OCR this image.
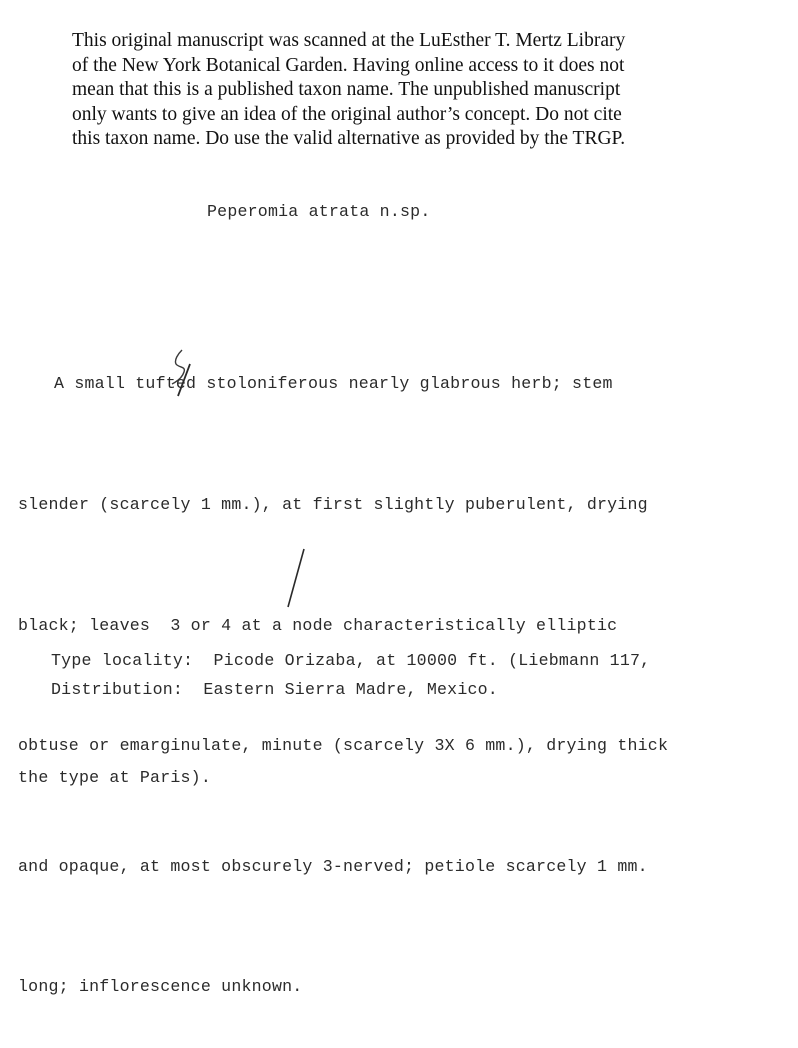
This original manuscript was scanned at the LuEsther T. Mertz Library
of the New York Botanical Garden. Having online access to it does not
mean that this is a published taxon name. The unpublished manuscript
only wants to give an idea of the original author’s concept. Do not cite
this taxon name. Do use the valid alternative as provided by the TRGP.
Peperomia atrata n.sp.

A small tufted stoloniferous nearly glabrous herb; stem

slender (scarcely 1 mm.), at first slightly puberulent, drying

black; leaves  3 or 4 at a node characteristically elliptic

obtuse or emarginulate, minute (scarcely 3X 6 mm.), drying thick

and opaque, at most obscurely 3-nerved; petiole scarcely 1 mm.

long; inflorescence unknown.

Type locality:  Picode Orizaba, at 10000 ft. (Liebmann 117,

the type at Paris).

Distribution:  Eastern Sierra Madre, Mexico.
